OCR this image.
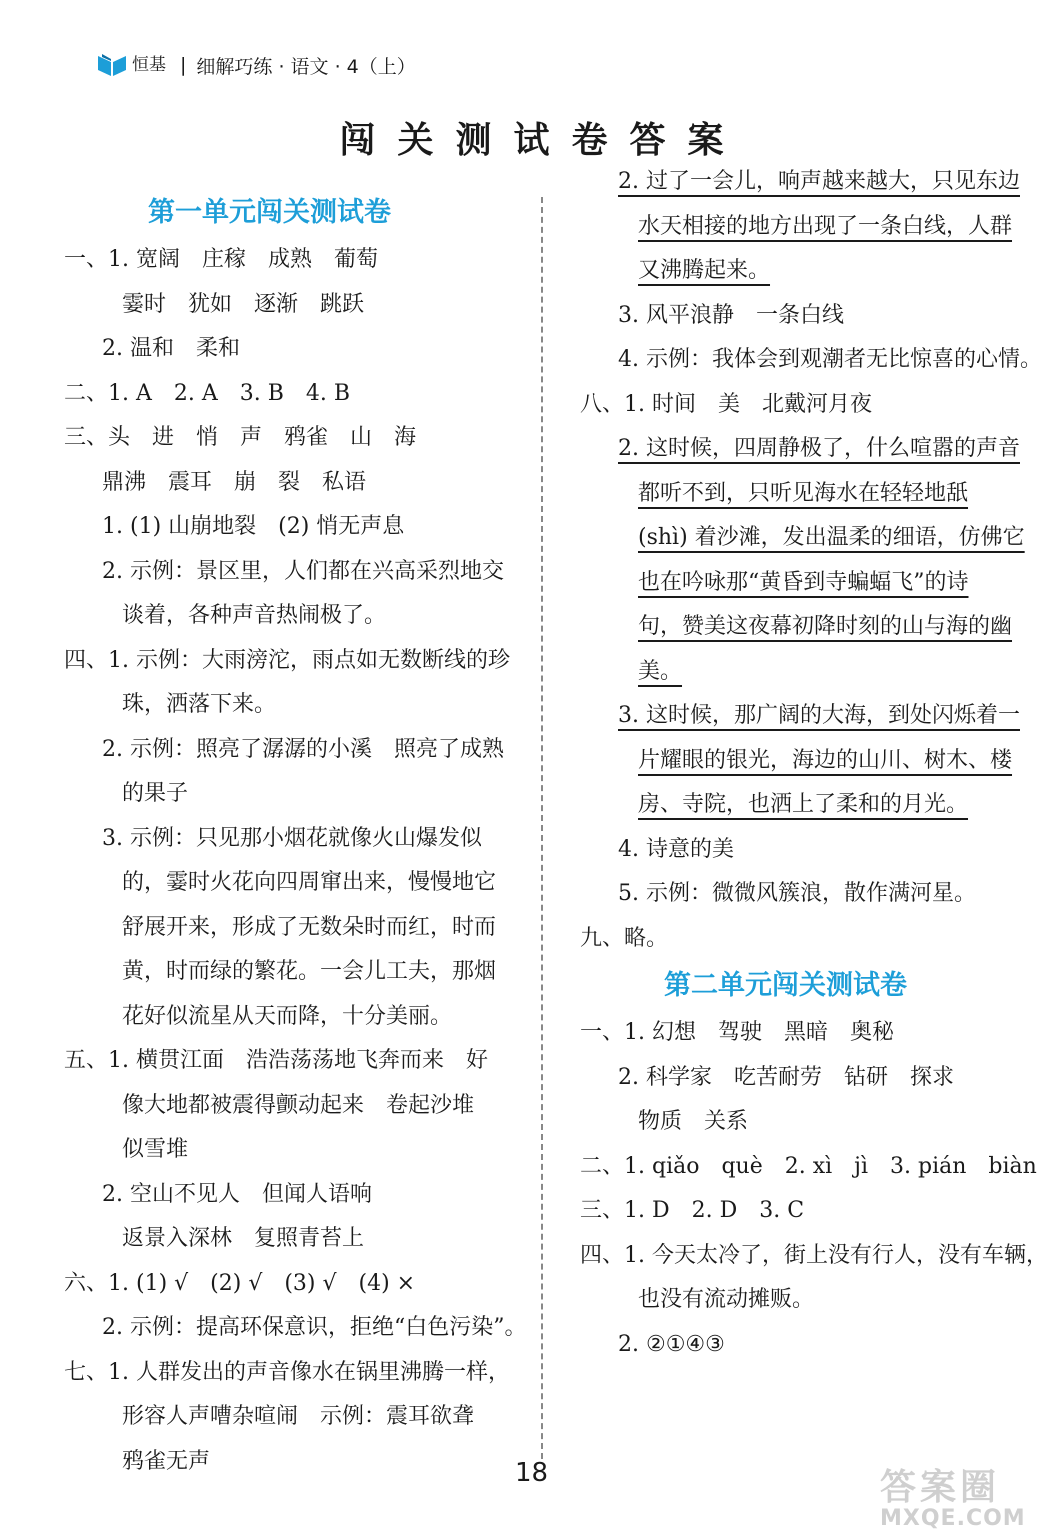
恒基 | 细解巧练 · 语文 · 4（上）
闯关测试卷答案
第一单元闯关测试卷
一、1. 宽阔　庄稼　成熟　葡萄
霎时　犹如　逐渐　跳跃
2. 温和　柔和
二、1. A　2. A　3. B　4. B
三、头　进　悄　声　鸦雀　山　海
鼎沸　震耳　崩　裂　私语
1. (1) 山崩地裂　(2) 悄无声息
2. 示例：景区里，人们都在兴高采烈地交
谈着，各种声音热闹极了。
四、1. 示例：大雨滂沱，雨点如无数断线的珍
珠，洒落下来。
2. 示例：照亮了潺潺的小溪　照亮了成熟
的果子
3. 示例：只见那小烟花就像火山爆发似
的，霎时火花向四周窜出来，慢慢地它
舒展开来，形成了无数朵时而红，时而
黄，时而绿的繁花。一会儿工夫，那烟
花好似流星从天而降，十分美丽。
五、1. 横贯江面　浩浩荡荡地飞奔而来　好
像大地都被震得颤动起来　卷起沙堆
似雪堆
2. 空山不见人　但闻人语响
返景入深林　复照青苔上
六、1. (1) √　(2) √　(3) √　(4) ×
2. 示例：提高环保意识，拒绝“白色污染”。
七、1. 人群发出的声音像水在锅里沸腾一样，
形容人声嘈杂喧闹　示例：震耳欲聋
鸦雀无声
2. 过了一会儿，响声越来越大，只见东边
水天相接的地方出现了一条白线，人群
又沸腾起来。
3. 风平浪静　一条白线
4. 示例：我体会到观潮者无比惊喜的心情。
八、1. 时间　美　北戴河月夜
2. 这时候，四周静极了，什么喧嚣的声音
都听不到，只听见海水在轻轻地舐
(shì) 着沙滩，发出温柔的细语，仿佛它
也在吟咏那“黄昏到寺蝙蝠飞”的诗
句，赞美这夜幕初降时刻的山与海的幽
美。
3. 这时候，那广阔的大海，到处闪烁着一
片耀眼的银光，海边的山川、树木、楼
房、寺院，也洒上了柔和的月光。
4. 诗意的美
5. 示例：微微风簇浪，散作满河星。
九、略。
第二单元闯关测试卷
一、1. 幻想　驾驶　黑暗　奥秘
2. 科学家　吃苦耐劳　钻研　探求
物质　关系
二、1. qiǎo　què　2. xì　jì　3. pián　biàn
三、1. D　2. D　3. C
四、1. 今天太冷了，街上没有行人，没有车辆，
也没有流动摊贩。
2. ②①④③
18	答案圈
MXQE.COM
